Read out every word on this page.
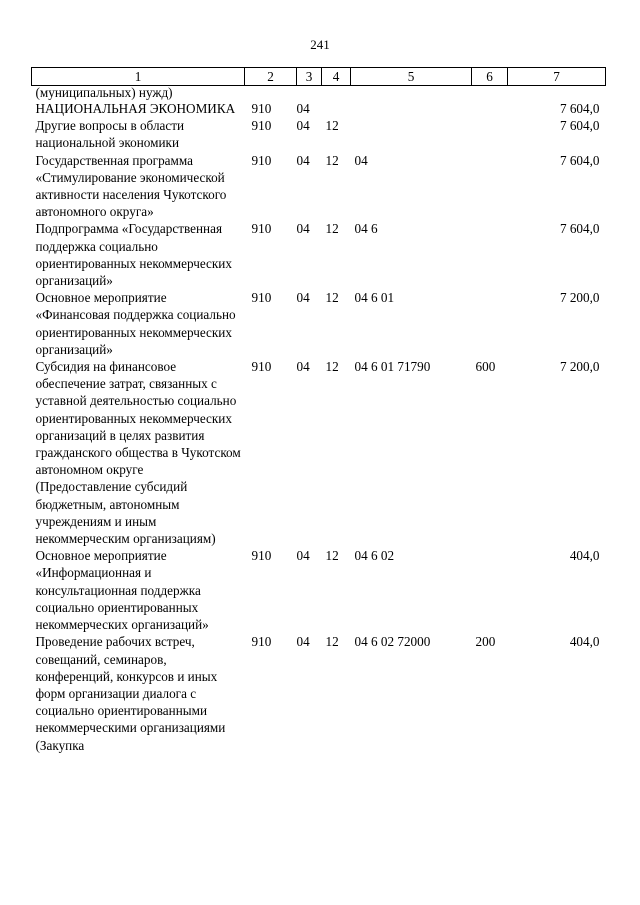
241
1	2	3	4	5	6	7
(муниципальных) нужд)						
НАЦИОНАЛЬНАЯ ЭКОНОМИКА	910	04				7 604,0
Другие вопросы в области национальной экономики	910	04	12			7 604,0
Государственная программа «Стимулирование экономической активности населения Чукотского автономного округа»	910	04	12	04		7 604,0
Подпрограмма «Государственная поддержка социально ориентированных некоммерческих организаций»	910	04	12	04 6		7 604,0
Основное мероприятие «Финансовая поддержка социально ориентированных некоммерческих организаций»	910	04	12	04 6 01		7 200,0
Субсидия на финансовое обеспечение затрат, связанных с уставной деятельностью социально ориентированных некоммерческих организаций в целях развития гражданского общества в Чукотском автономном округе (Предоставление субсидий бюджетным, автономным учреждениям и иным некоммерческим организациям)	910	04	12	04 6 01 71790	600	7 200,0
Основное мероприятие «Информационная и консультационная поддержка социально ориентированных некоммерческих организаций»	910	04	12	04 6 02		404,0
Проведение рабочих встреч, совещаний, семинаров, конференций, конкурсов и иных форм организации диалога с социально ориентированными некоммерческими организациями (Закупка	910	04	12	04 6 02 72000	200	404,0
